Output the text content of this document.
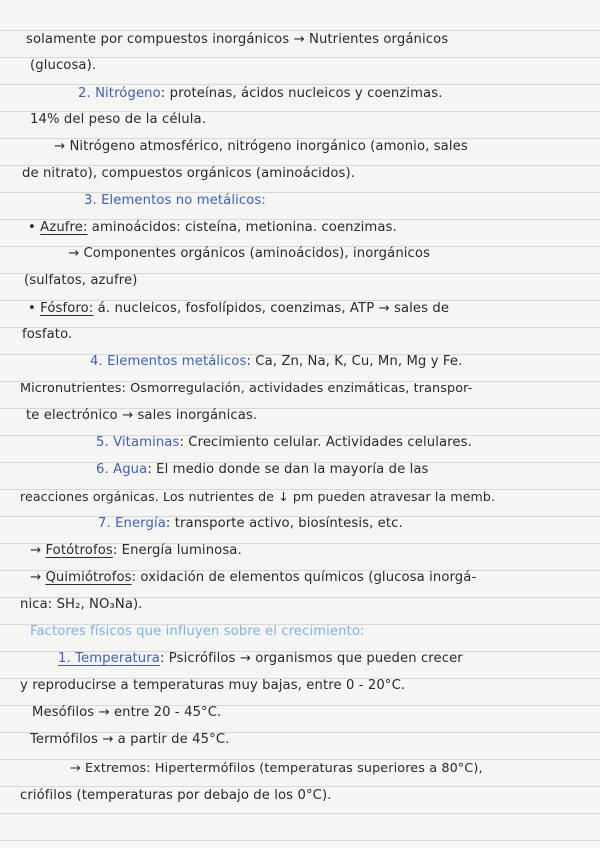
solamente por compuestos inorgánicos → Nutrientes orgánicos
(glucosa).
2. Nitrógeno: proteínas, ácidos nucleicos y coenzimas.
14% del peso de la célula.
→ Nitrógeno atmosférico, nitrógeno inorgánico (amonio, sales
de nitrato), compuestos orgánicos (aminoácidos).
3. Elementos no metálicos:
• Azufre: aminoácidos: cisteína, metionina. coenzimas.
→ Componentes orgánicos (aminoácidos), inorgánicos
(sulfatos, azufre)
• Fósforo: á. nucleicos, fosfolípidos, coenzimas, ATP → sales de
fosfato.
4. Elementos metálicos: Ca, Zn, Na, K, Cu, Mn, Mg y Fe.
Micronutrientes: Osmorregulación, actividades enzimáticas, transpor-
te electrónico → sales inorgánicas.
5. Vitaminas: Crecimiento celular. Actividades celulares.
6. Agua: El medio donde se dan la mayoría de las
reacciones orgánicas. Los nutrientes de ↓ pm pueden atravesar la memb.
7. Energía: transporte activo, biosíntesis, etc.
→ Fotótrofos: Energía luminosa.
→ Quimiótrofos: oxidación de elementos químicos (glucosa inorgá-
nica: SH₂, NO₃Na).
Factores físicos que influyen sobre el crecimiento:
1. Temperatura: Psicrófilos → organismos que pueden crecer
y reproducirse a temperaturas muy bajas, entre 0 - 20°C.
Mesófilos → entre 20 - 45°C.
Termófilos → a partir de 45°C.
→ Extremos: Hipertermófilos (temperaturas superiores a 80°C),
criófilos (temperaturas por debajo de los 0°C).
